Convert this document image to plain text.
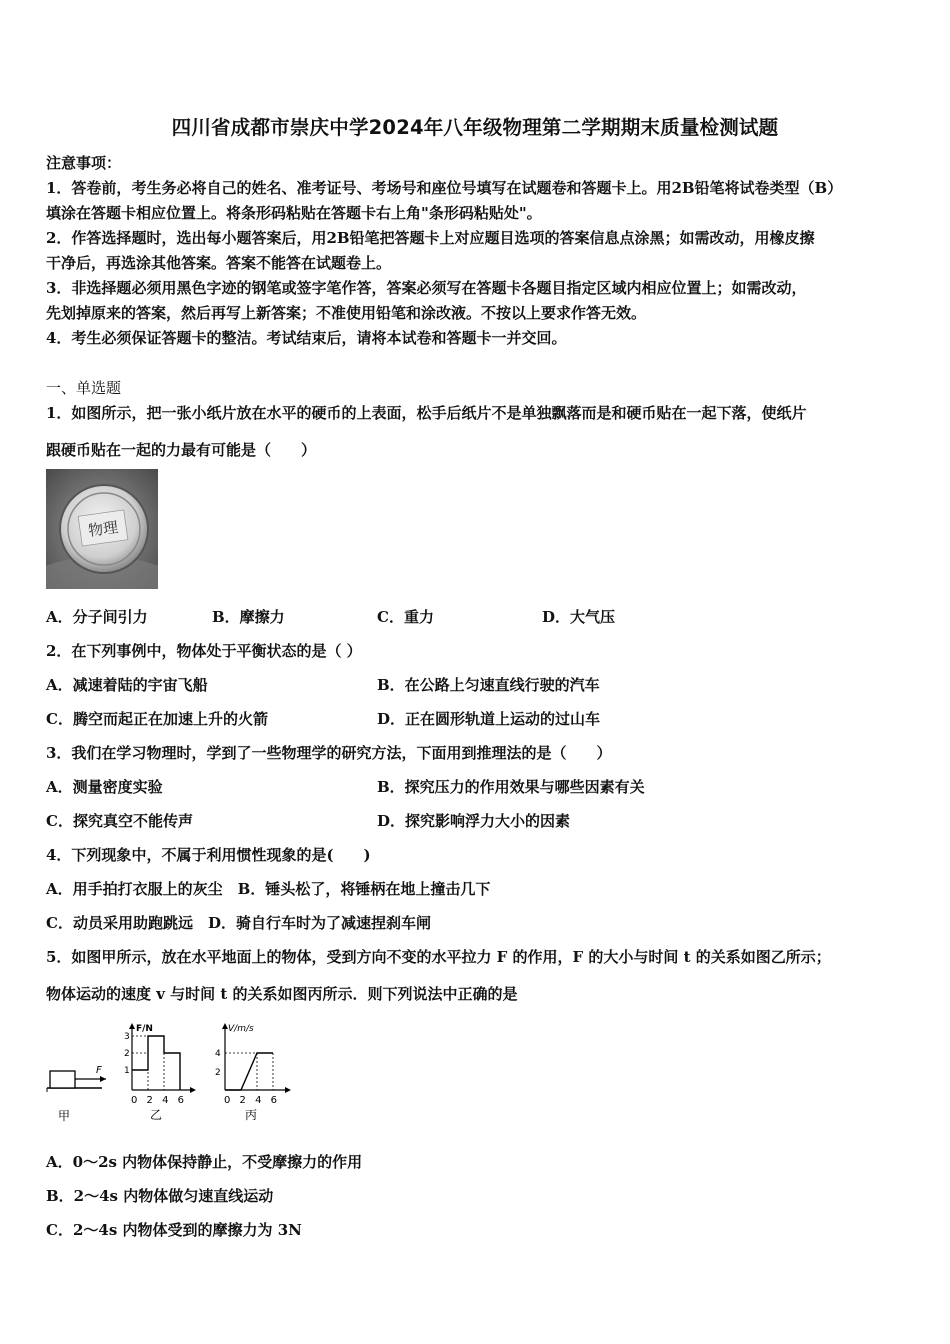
四川省成都市崇庆中学2024年八年级物理第二学期期末质量检测试题
注意事项：
1．答卷前，考生务必将自己的姓名、准考证号、考场号和座位号填写在试题卷和答题卡上。用2B铅笔将试卷类型（B）
填涂在答题卡相应位置上。将条形码粘贴在答题卡右上角"条形码粘贴处"。
2．作答选择题时，选出每小题答案后，用2B铅笔把答题卡上对应题目选项的答案信息点涂黑；如需改动，用橡皮擦
干净后，再选涂其他答案。答案不能答在试题卷上。
3．非选择题必须用黑色字迹的钢笔或签字笔作答，答案必须写在答题卡各题目指定区域内相应位置上；如需改动，
先划掉原来的答案，然后再写上新答案；不准使用铅笔和涂改液。不按以上要求作答无效。
4．考生必须保证答题卡的整洁。考试结束后，请将本试卷和答题卡一并交回。
一、单选题
1．如图所示，把一张小纸片放在水平的硬币的上表面，松手后纸片不是单独飘落而是和硬币贴在一起下落，使纸片
跟硬币贴在一起的力最有可能是（　　）
物理
A．分子间引力	B．摩擦力	C．重力	D．大气压
2．在下列事例中，物体处于平衡状态的是（ ）
A．减速着陆的宇宙飞船	B．在公路上匀速直线行驶的汽车
C．腾空而起正在加速上升的火箭	D．正在圆形轨道上运动的过山车
3．我们在学习物理时，学到了一些物理学的研究方法，下面用到推理法的是（　　）
A．测量密度实验	B．探究压力的作用效果与哪些因素有关
C．探究真空不能传声	D．探究影响浮力大小的因素
4．下列现象中，不属于利用惯性现象的是(　　)
A．用手拍打衣服上的灰尘　B．锤头松了，将锤柄在地上撞击几下
C．动员采用助跑跳远　D．骑自行车时为了减速捏刹车闸
5．如图甲所示，放在水平地面上的物体，受到方向不变的水平拉力 F 的作用，F 的大小与时间 t 的关系如图乙所示；
物体运动的速度 v 与时间 t 的关系如图丙所示．则下列说法中正确的是
F
甲
F/N
3
2
1
0 2 4 6
乙
V/m/s
4
2
0 2 4 6
丙
A．0～2s 内物体保持静止，不受摩擦力的作用
B．2～4s 内物体做匀速直线运动
C．2～4s 内物体受到的摩擦力为 3N
